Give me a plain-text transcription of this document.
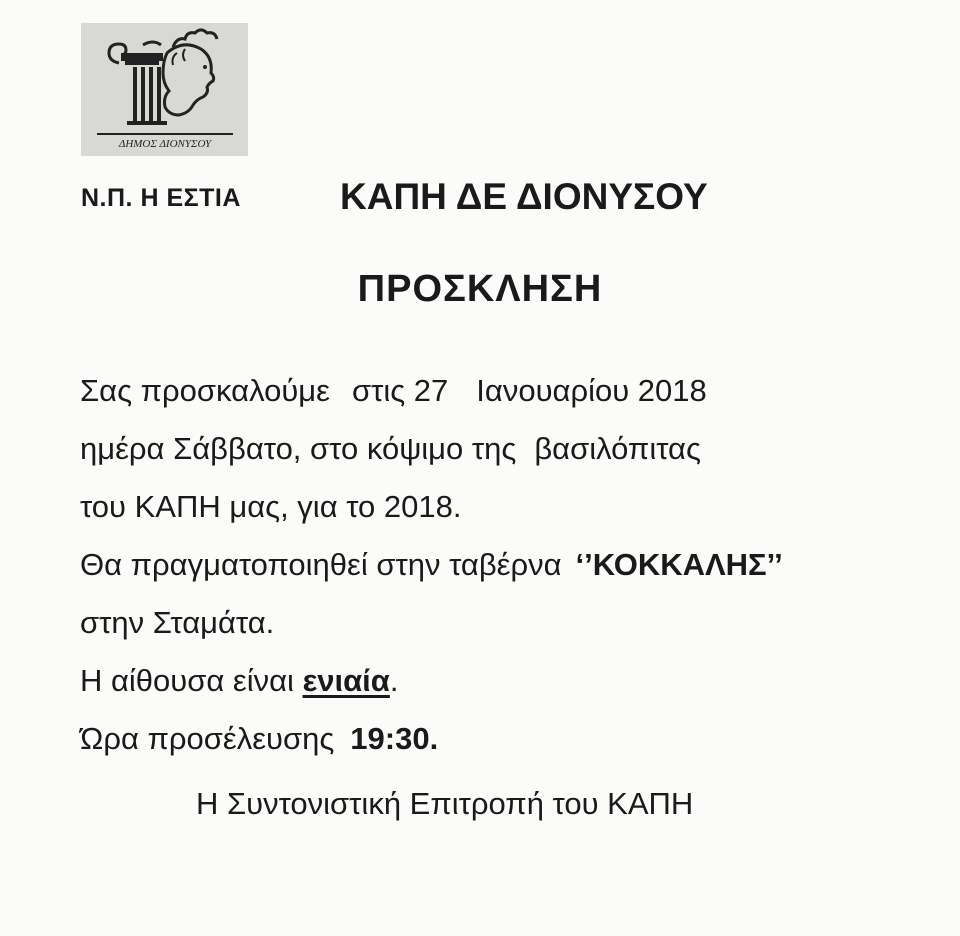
ΔΗΜΟΣ ΔΙΟΝΥΣΟΥ
Ν.Π. Η ΕΣΤΙΑ	ΚΑΠΗ ΔΕ ΔΙΟΝΥΣΟΥ
ΠΡΟΣΚΛΗΣΗ
Σας προσκαλούμε στις 27 Ιανουαρίου 2018
ημέρα Σάββατο, στο κόψιμο της βασιλόπιτας
του ΚΑΠΗ μας, για το 2018.
Θα πραγματοποιηθεί στην ταβέρνα ‘’ΚΟΚΚΑΛΗΣ’’
στην Σταμάτα.
Η αίθουσα είναι ενιαία.
Ώρα προσέλευσης 19:30.
Η Συντονιστική Επιτροπή του ΚΑΠΗ
